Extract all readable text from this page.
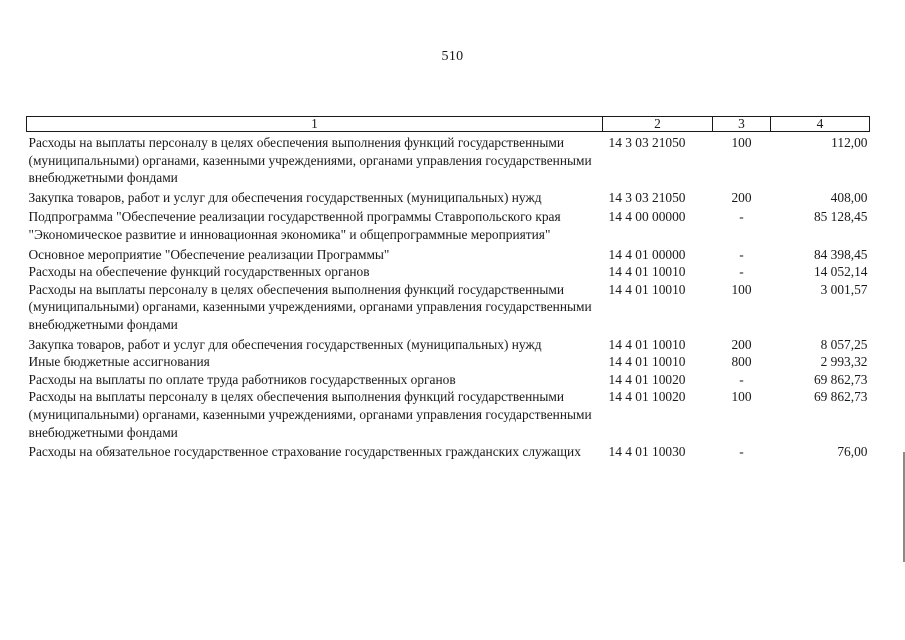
510
1	2	3	4
Расходы на выплаты персоналу в целях обеспечения выполнения функций государственными (муниципальными) органами, казенными учреждениями, органами управления государственными внебюджетными фондами	14 3 03 21050	100	112,00
Закупка товаров, работ и услуг для обеспечения государственных (муниципальных) нужд	14 3 03 21050	200	408,00
Подпрограмма "Обеспечение реализации государственной программы Ставропольского края "Экономическое развитие и инновационная экономика" и общепрограммные мероприятия"	14 4 00 00000	-	85 128,45
Основное мероприятие "Обеспечение реализации Программы"	14 4 01 00000	-	84 398,45
Расходы на обеспечение функций государственных органов	14 4 01 10010	-	14 052,14
Расходы на выплаты персоналу в целях обеспечения выполнения функций государственными (муниципальными) органами, казенными учреждениями, органами управления государственными внебюджетными фондами	14 4 01 10010	100	3 001,57
Закупка товаров, работ и услуг для обеспечения государственных (муниципальных) нужд	14 4 01 10010	200	8 057,25
Иные бюджетные ассигнования	14 4 01 10010	800	2 993,32
Расходы на выплаты по оплате труда работников государственных органов	14 4 01 10020	-	69 862,73
Расходы на выплаты персоналу в целях обеспечения выполнения функций государственными (муниципальными) органами, казенными учреждениями, органами управления государственными внебюджетными фондами	14 4 01 10020	100	69 862,73
Расходы на обязательное государственное страхование государственных гражданских служащих	14 4 01 10030	-	76,00
